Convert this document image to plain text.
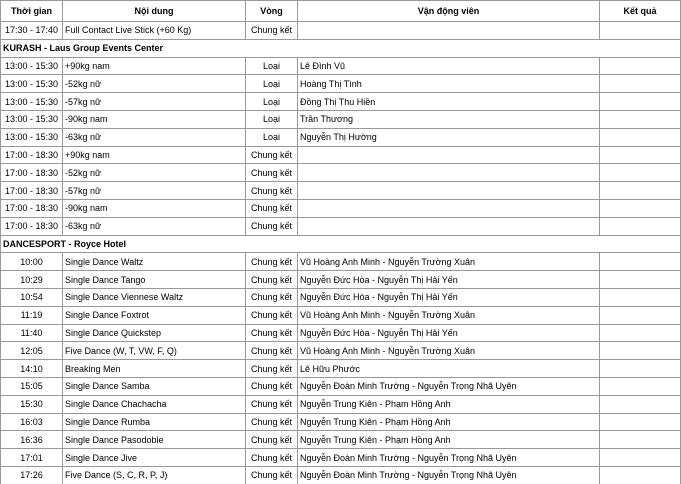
Thời gian	Nội dung	Vòng	Vận động viên	Kết quả
17:30 - 17:40	Full Contact Live Stick (+60 Kg)	Chung kết		
KURASH - Laus Group Events Center				
13:00 - 15:30	+90kg nam	Loại	Lê Đình Vũ	
13:00 - 15:30	-52kg nữ	Loại	Hoàng Thị Tình	
13:00 - 15:30	-57kg nữ	Loại	Đồng Thị Thu Hiền	
13:00 - 15:30	-90kg nam	Loại	Trần Thương	
13:00 - 15:30	-63kg nữ	Loại	Nguyễn Thị Hường	
17:00 - 18:30	+90kg nam	Chung kết		
17:00 - 18:30	-52kg nữ	Chung kết		
17:00 - 18:30	-57kg nữ	Chung kết		
17:00 - 18:30	-90kg nam	Chung kết		
17:00 - 18:30	-63kg nữ	Chung kết		
DANCESPORT - Royce Hotel				
10:00	Single Dance Waltz	Chung kết	Vũ Hoàng Anh Minh - Nguyễn Trường Xuân	
10:29	Single Dance Tango	Chung kết	Nguyễn Đức Hòa - Nguyễn Thị Hải Yến	
10:54	Single Dance Viennese Waltz	Chung kết	Nguyễn Đức Hòa - Nguyễn Thị Hải Yến	
11:19	Single Dance Foxtrot	Chung kết	Vũ Hoàng Anh Minh - Nguyễn Trường Xuân	
11:40	Single Dance Quickstep	Chung kết	Nguyễn Đức Hòa - Nguyễn Thị Hải Yến	
12:05	Five Dance (W, T, VW, F, Q)	Chung kết	Vũ Hoàng Anh Minh - Nguyễn Trường Xuân	
14:10	Breaking Men	Chung kết	Lê Hữu Phước	
15:05	Single Dance Samba	Chung kết	Nguyễn Đoàn Minh Trường - Nguyễn Trọng Nhã Uyên	
15:30	Single Dance Chachacha	Chung kết	Nguyễn Trung Kiên - Phạm Hồng Anh	
16:03	Single Dance Rumba	Chung kết	Nguyễn Trung Kiên - Phạm Hồng Anh	
16:36	Single Dance Pasodoble	Chung kết	Nguyễn Trung Kiên - Phạm Hồng Anh	
17:01	Single Dance Jive	Chung kết	Nguyễn Đoàn Minh Trường - Nguyễn Trọng Nhã Uyên	
17:26	Five Dance (S, C, R, P, J)	Chung kết	Nguyễn Đoàn Minh Trường - Nguyễn Trọng Nhã Uyên	
